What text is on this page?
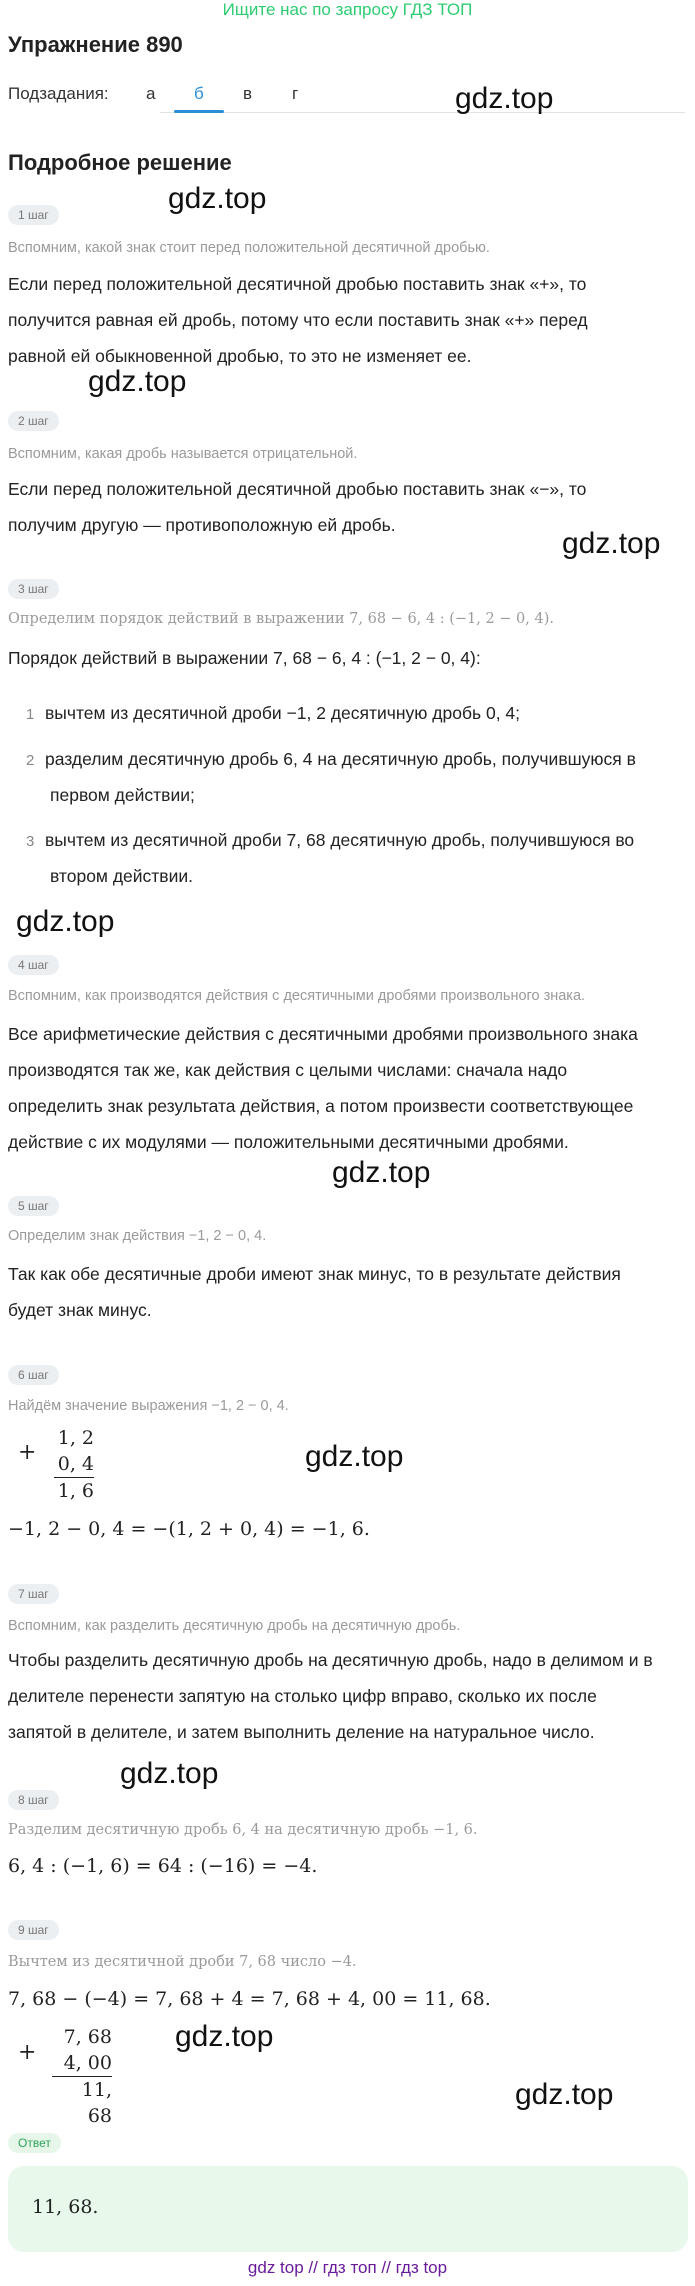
Ищите нас по запросу ГДЗ ТОП
Упражнение 890
Подзадания: а б в г
Подробное решение
gdz.top
gdz.top
gdz.top
gdz.top
gdz.top
gdz.top
gdz.top
gdz.top
gdz.top
gdz.top
1 шаг
Вспомним, какой знак стоит перед положительной десятичной дробью.
Если перед положительной десятичной дробью поставить знак «+», то
получится равная ей дробь, потому что если поставить знак «+» перед
равной ей обыкновенной дробью, то это не изменяет ее.
2 шаг
Вспомним, какая дробь называется отрицательной.
Если перед положительной десятичной дробью поставить знак «−», то
получим другую — противоположную ей дробь.
3 шаг
Определим порядок действий в выражении 7, 68 − 6, 4 : (−1, 2 − 0, 4).
Порядок действий в выражении 7, 68 − 6, 4 : (−1, 2 − 0, 4):
1 вычтем из десятичной дроби −1, 2 десятичную дробь 0, 4;
2 разделим десятичную дробь 6, 4 на десятичную дробь, получившуюся в
первом действии;
3 вычтем из десятичной дроби 7, 68 десятичную дробь, получившуюся во
втором действии.
4 шаг
Вспомним, как производятся действия с десятичными дробями произвольного знака.
Все арифметические действия с десятичными дробями произвольного знака
производятся так же, как действия с целыми числами: сначала надо
определить знак результата действия, а потом произвести соответствующее
действие с их модулями — положительными десятичными дробями.
5 шаг
Определим знак действия −1, 2 − 0, 4.
Так как обе десятичные дроби имеют знак минус, то в результате действия
будет знак минус.
6 шаг
Найдём значение выражения −1, 2 − 0, 4.
+
1, 2
0, 4
1, 6
−1, 2 − 0, 4 = −(1, 2 + 0, 4) = −1, 6.
7 шаг
Вспомним, как разделить десятичную дробь на десятичную дробь.
Чтобы разделить десятичную дробь на десятичную дробь, надо в делимом и в
делителе перенести запятую на столько цифр вправо, сколько их после
запятой в делителе, и затем выполнить деление на натуральное число.
8 шаг
Разделим десятичную дробь 6, 4 на десятичную дробь −1, 6.
6, 4 : (−1, 6) = 64 : (−16) = −4.
9 шаг
Вычтем из десятичной дроби 7, 68 число −4.
7, 68 − (−4) = 7, 68 + 4 = 7, 68 + 4, 00 = 11, 68.
+
7, 68
4, 00
11, 68
Ответ
11, 68.
gdz top // гдз топ // гдз top
